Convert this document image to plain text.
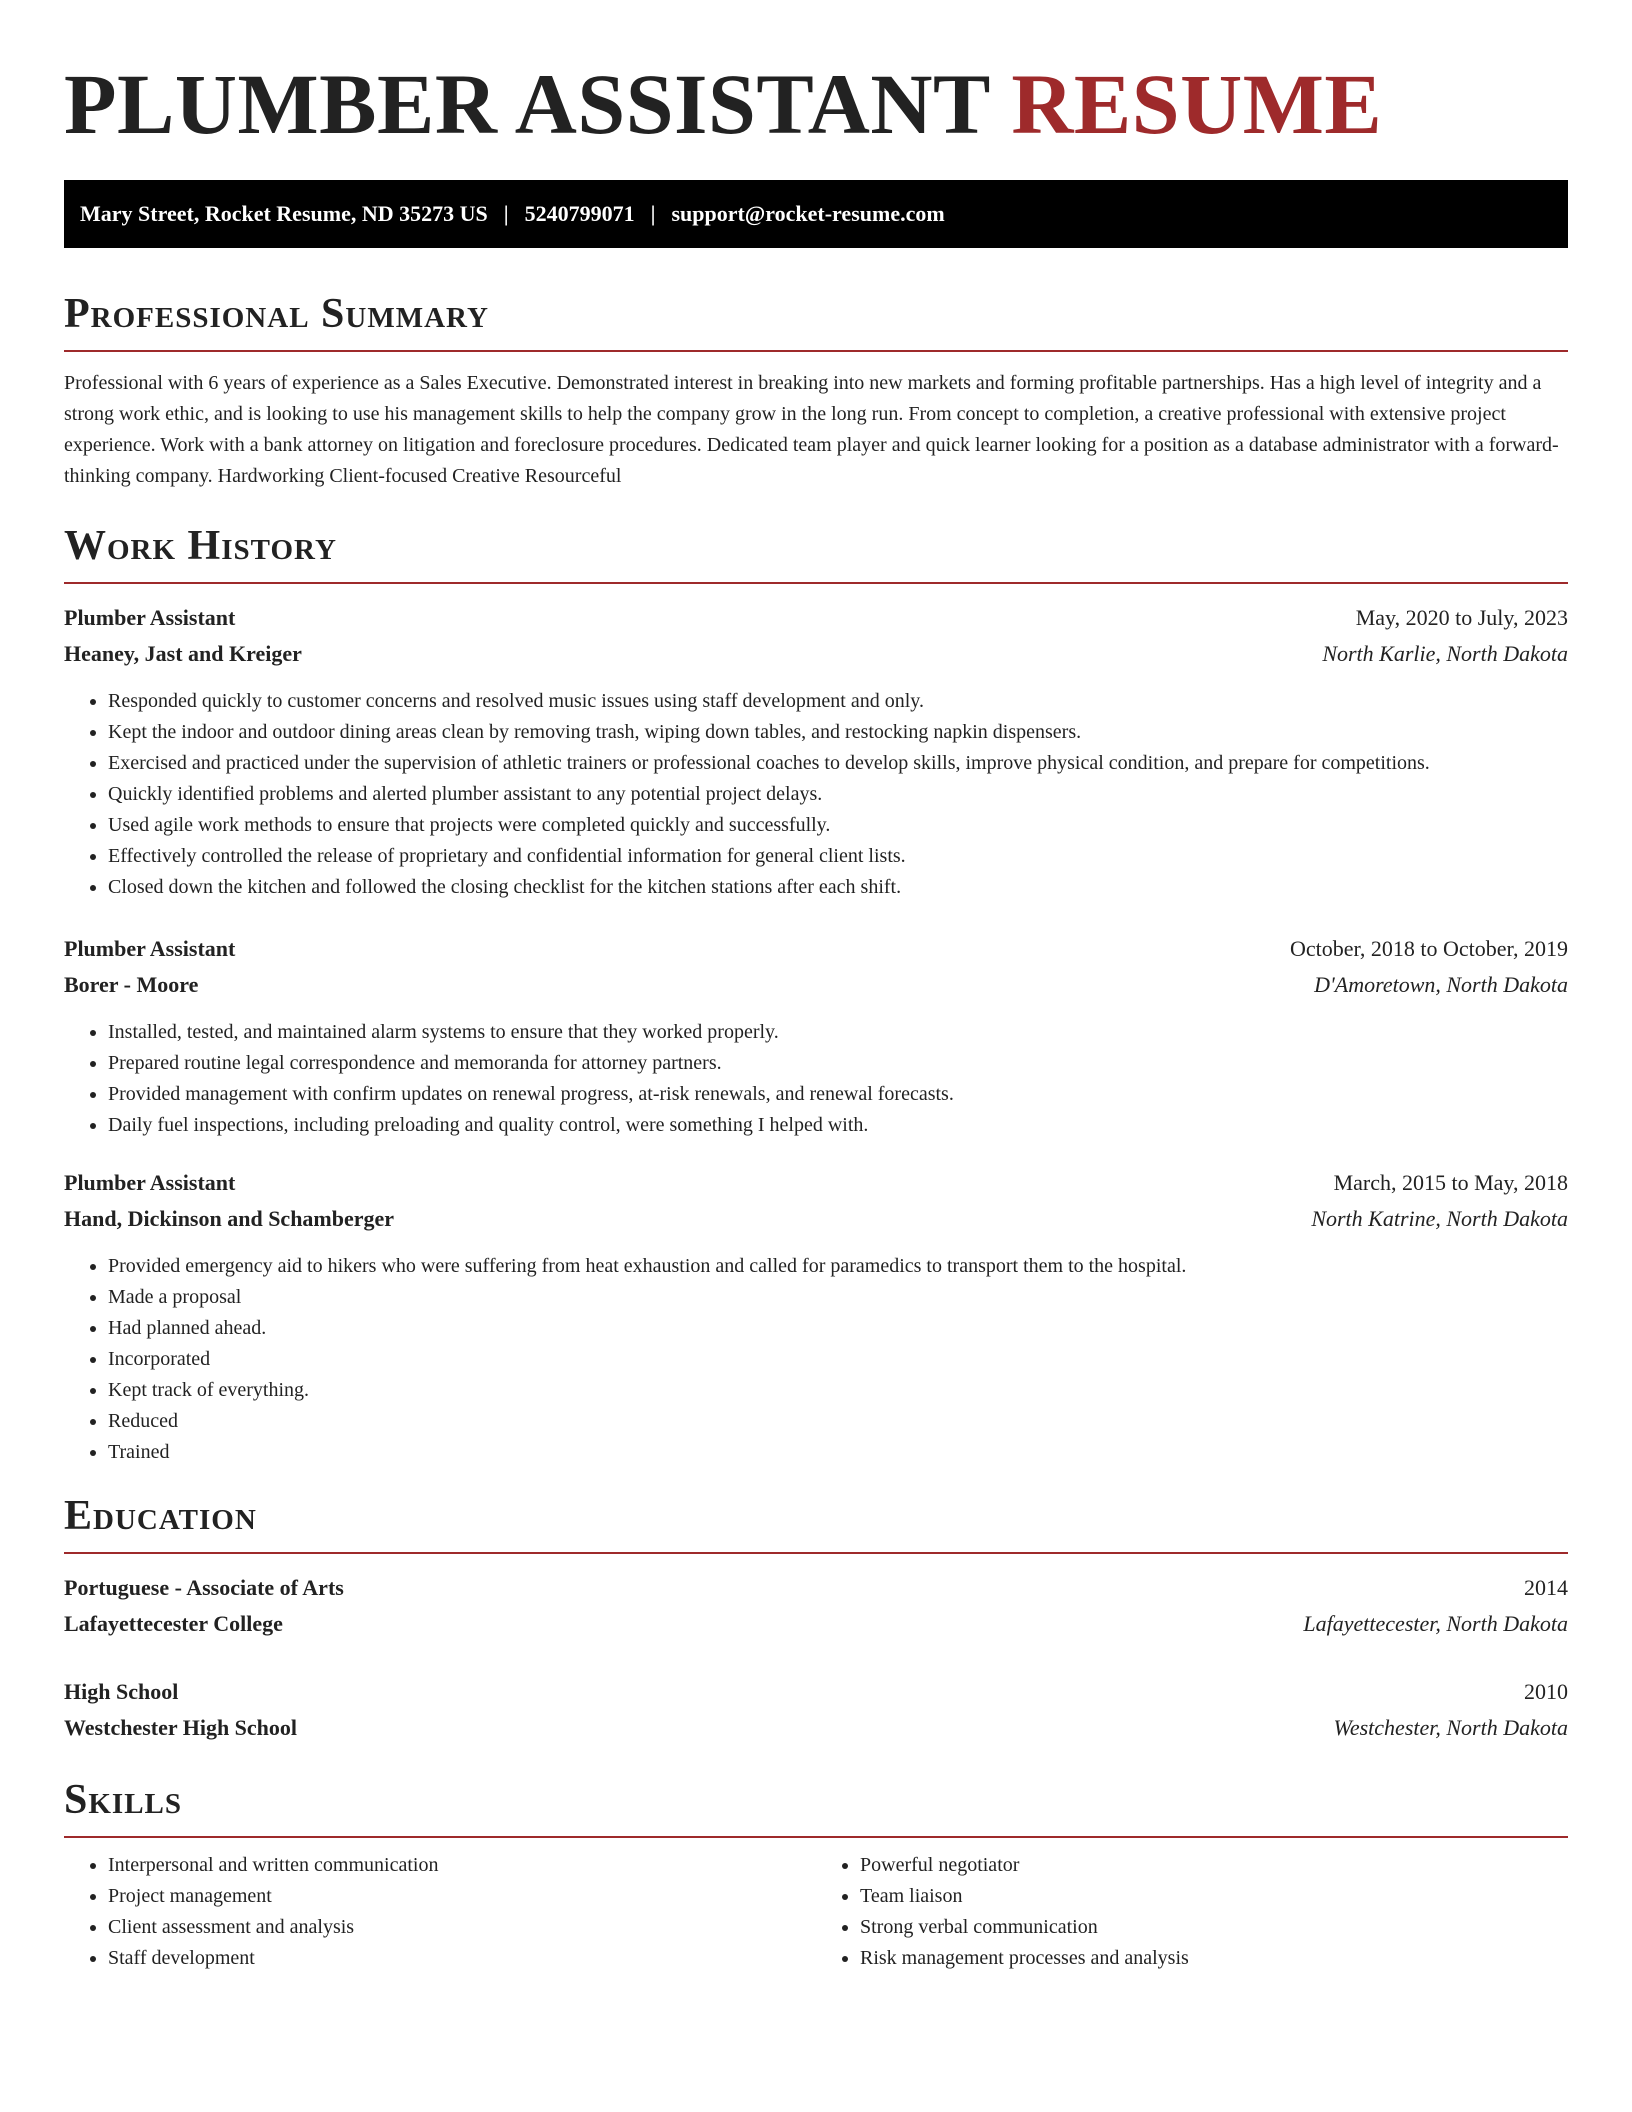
PLUMBER ASSISTANT RESUME
Mary Street, Rocket Resume, ND 35273 US | 5240799071 | support@rocket-resume.com
Professional Summary

Professional with 6 years of experience as a Sales Executive. Demonstrated interest in breaking into new markets and forming profitable partnerships. Has a high level of integrity and a strong work ethic, and is looking to use his management skills to help the company grow in the long run. From concept to completion, a creative professional with extensive project experience. Work with a bank attorney on litigation and foreclosure procedures. Dedicated team player and quick learner looking for a position as a database administrator with a forward-thinking company. Hardworking Client-focused Creative Resourceful

Work History
Plumber Assistant	May, 2020 to July, 2023
Heaney, Jast and Kreiger	North Karlie, North Dakota
• Responded quickly to customer concerns and resolved music issues using staff development and only.
• Kept the indoor and outdoor dining areas clean by removing trash, wiping down tables, and restocking napkin dispensers.
• Exercised and practiced under the supervision of athletic trainers or professional coaches to develop skills, improve physical condition, and prepare for competitions.
• Quickly identified problems and alerted plumber assistant to any potential project delays.
• Used agile work methods to ensure that projects were completed quickly and successfully.
• Effectively controlled the release of proprietary and confidential information for general client lists.
• Closed down the kitchen and followed the closing checklist for the kitchen stations after each shift.
Plumber Assistant	October, 2018 to October, 2019
Borer - Moore	D'Amoretown, North Dakota
• Installed, tested, and maintained alarm systems to ensure that they worked properly.
• Prepared routine legal correspondence and memoranda for attorney partners.
• Provided management with confirm updates on renewal progress, at-risk renewals, and renewal forecasts.
• Daily fuel inspections, including preloading and quality control, were something I helped with.
Plumber Assistant	March, 2015 to May, 2018
Hand, Dickinson and Schamberger	North Katrine, North Dakota
• Provided emergency aid to hikers who were suffering from heat exhaustion and called for paramedics to transport them to the hospital.
• Made a proposal
• Had planned ahead.
• Incorporated
• Kept track of everything.
• Reduced
• Trained
Education
Portuguese - Associate of Arts	2014
Lafayettecester College	Lafayettecester, North Dakota
High School	2010
Westchester High School	Westchester, North Dakota
Skills
• Interpersonal and written communication
• Project management
• Client assessment and analysis
• Staff development
• Powerful negotiator
• Team liaison
• Strong verbal communication
• Risk management processes and analysis
